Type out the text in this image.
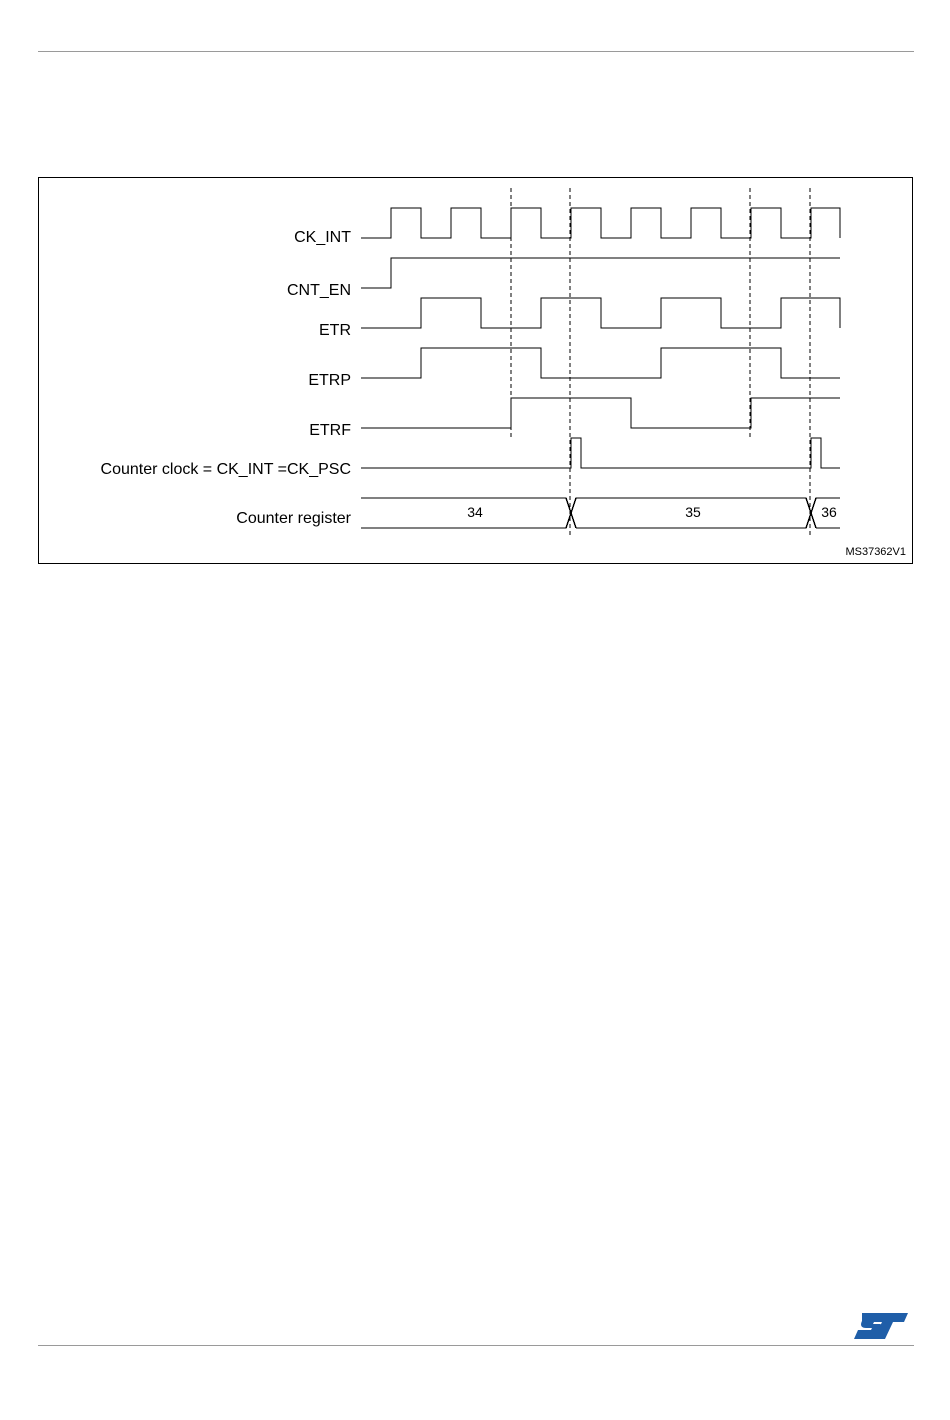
CK_INT
CNT_EN
ETR
ETRP
ETRF
Counter clock = CK_INT =CK_PSC
Counter register	34	35	36
MS37362V1
